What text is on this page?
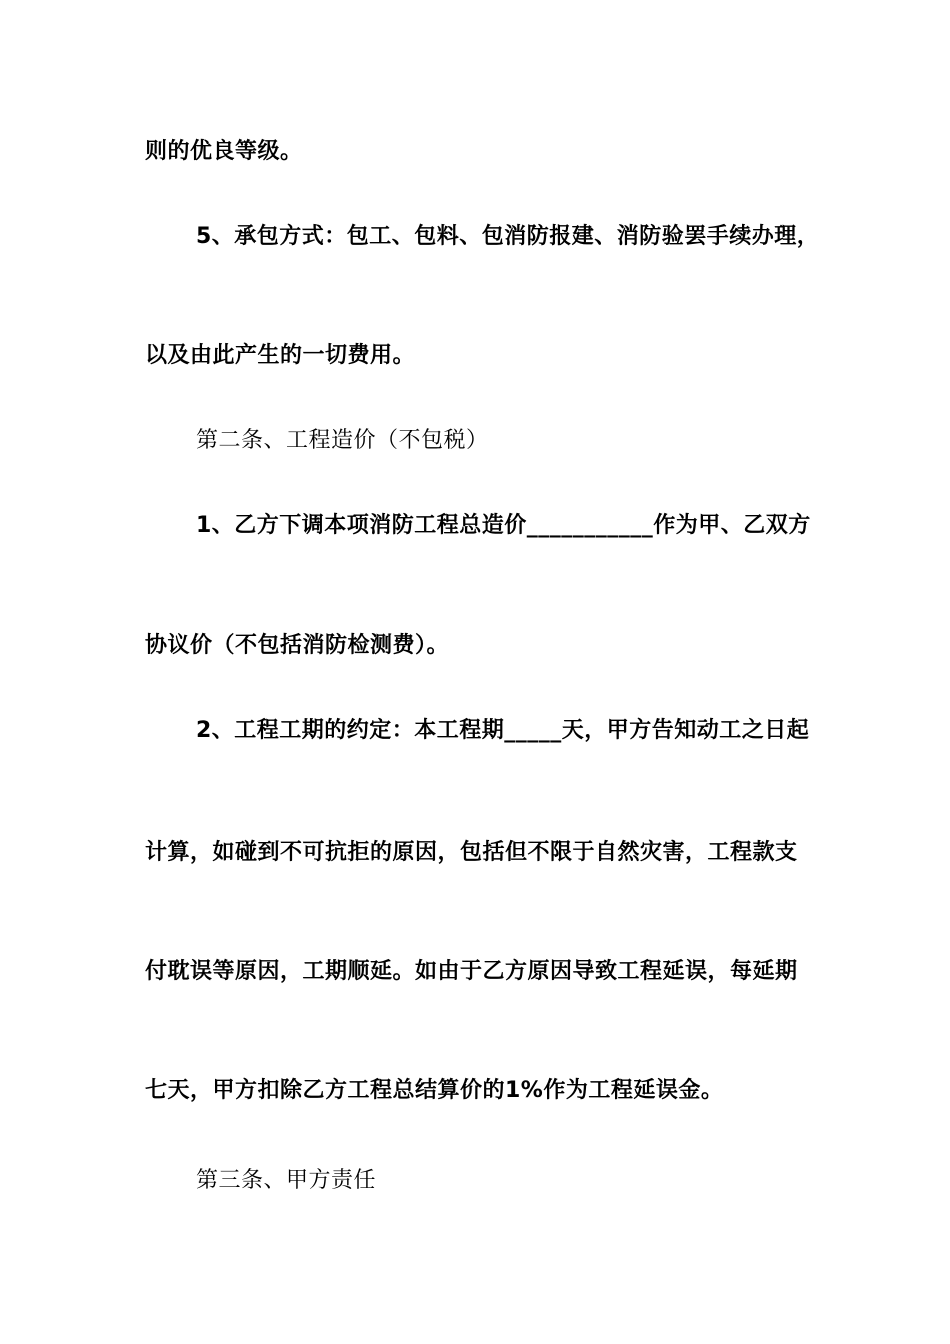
则的优良等级。

5、承包方式：包工、包料、包消防报建、消防验罢手续办理，

以及由此产生的一切费用。

第二条、工程造价（不包税）

1、乙方下调本项消防工程总造价___________作为甲、乙双方

协议价（不包括消防检测费）。

2、工程工期的约定：本工程期_____天，甲方告知动工之日起

计算，如碰到不可抗拒的原因，包括但不限于自然灾害，工程款支

付耽误等原因，工期顺延。如由于乙方原因导致工程延误，每延期

七天，甲方扣除乙方工程总结算价的1%作为工程延误金。

第三条、甲方责任
